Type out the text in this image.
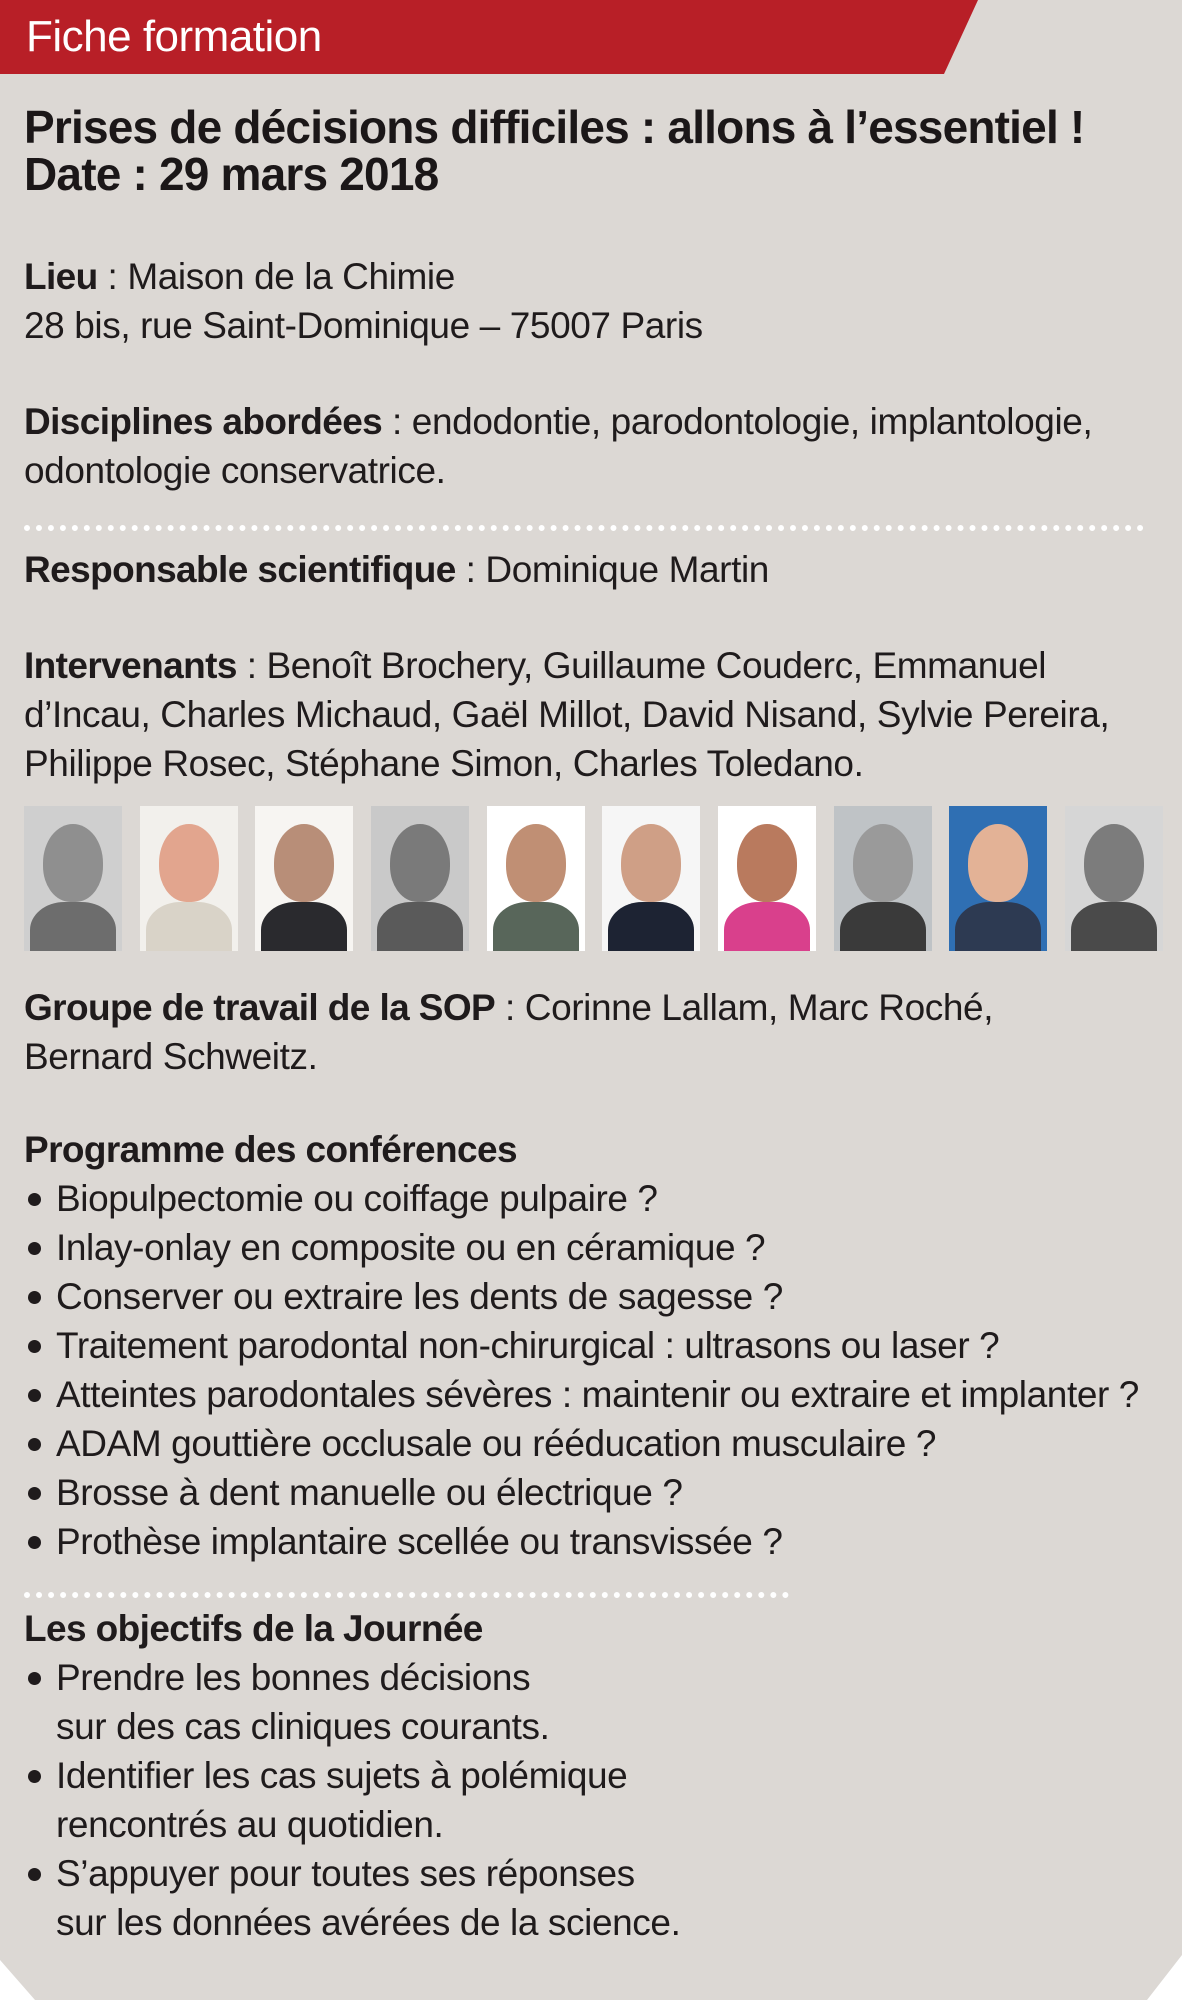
Fiche formation
Prises de décisions difficiles : allons à l’essentiel !
Date : 29 mars 2018
Lieu : Maison de la Chimie
28 bis, rue Saint-Dominique – 75007 Paris
Disciplines abordées : endodontie, parodontologie, implantologie,
odontologie conservatrice.
Responsable scientifique : Dominique Martin
Intervenants : Benoît Brochery, Guillaume Couderc, Emmanuel
d’Incau, Charles Michaud, Gaël Millot, David Nisand, Sylvie Pereira,
Philippe Rosec, Stéphane Simon, Charles Toledano.
Groupe de travail de la SOP : Corinne Lallam, Marc Roché,
Bernard Schweitz.
Programme des conférences
Biopulpectomie ou coiffage pulpaire ?
Inlay-onlay en composite ou en céramique ?
Conserver ou extraire les dents de sagesse ?
Traitement parodontal non-chirurgical : ultrasons ou laser ?
Atteintes parodontales sévères : maintenir ou extraire et implanter ?
ADAM gouttière occlusale ou rééducation musculaire ?
Brosse à dent manuelle ou électrique ?
Prothèse implantaire scellée ou transvissée ?
Les objectifs de la Journée
Prendre les bonnes décisions
sur des cas cliniques courants.
Identifier les cas sujets à polémique
rencontrés au quotidien.
S’appuyer pour toutes ses réponses
sur les données avérées de la science.
